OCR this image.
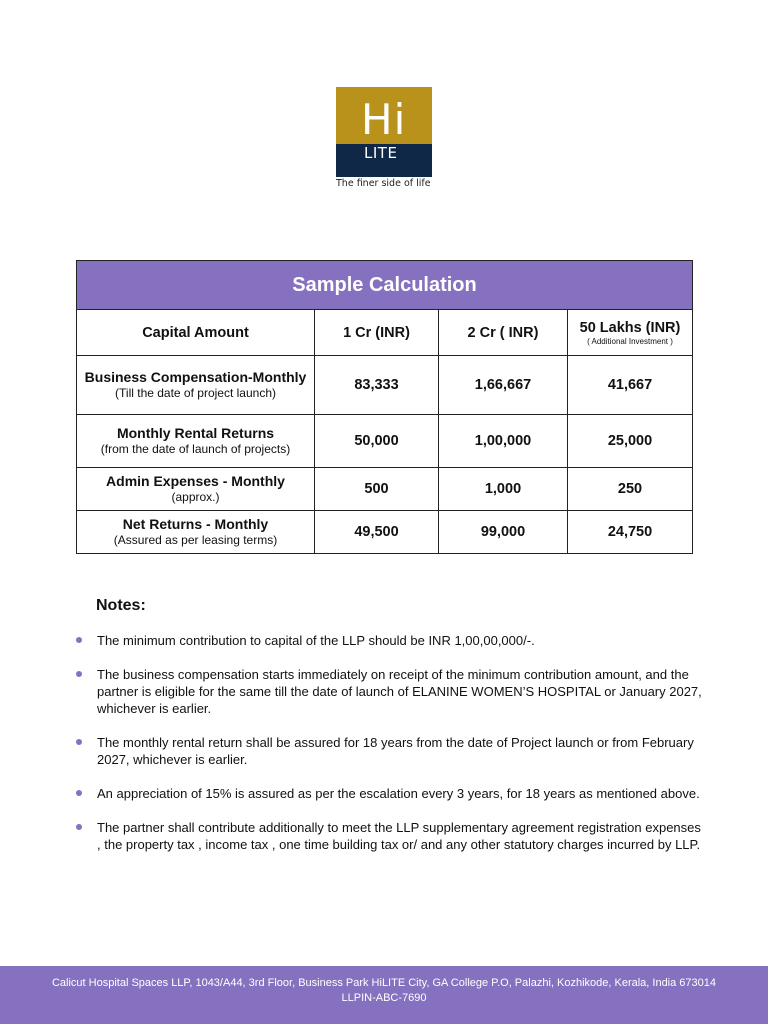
Hi
LITE
The finer side of life
Sample Calculation			
Capital Amount	1 Cr (INR)	2 Cr ( INR)	50 Lakhs (INR)
( Additional Investment )

Business Compensation-Monthly
(Till the date of project launch)	83,333	1,66,667	41,667
Monthly Rental Returns
(from the date of launch of projects)	50,000	1,00,000	25,000
Admin Expenses - Monthly
(approx.)	500	1,000	250
Net Returns - Monthly
(Assured as per leasing terms)	49,500	99,000	24,750
Notes:
The minimum contribution to capital of the LLP should be INR 1,00,00,000/-.
The business compensation starts immediately on receipt of the minimum contribution amount, and the partner is eligible for the same till the date of launch of ELANINE WOMEN’S HOSPITAL or January 2027, whichever is earlier.
The monthly rental return shall be assured for 18 years from the date of Project launch or from February 2027, whichever is earlier.
An appreciation of 15% is assured as per the escalation every 3 years, for 18 years as mentioned above.
The partner shall contribute additionally to meet the LLP supplementary agreement registration expenses , the property tax , income tax , one time building tax or/ and any other statutory charges incurred by LLP.
Calicut Hospital Spaces LLP, 1043/A44, 3rd Floor, Business Park HiLITE City, GA College P.O, Palazhi, Kozhikode, Kerala, India 673014
LLPIN-ABC-7690
